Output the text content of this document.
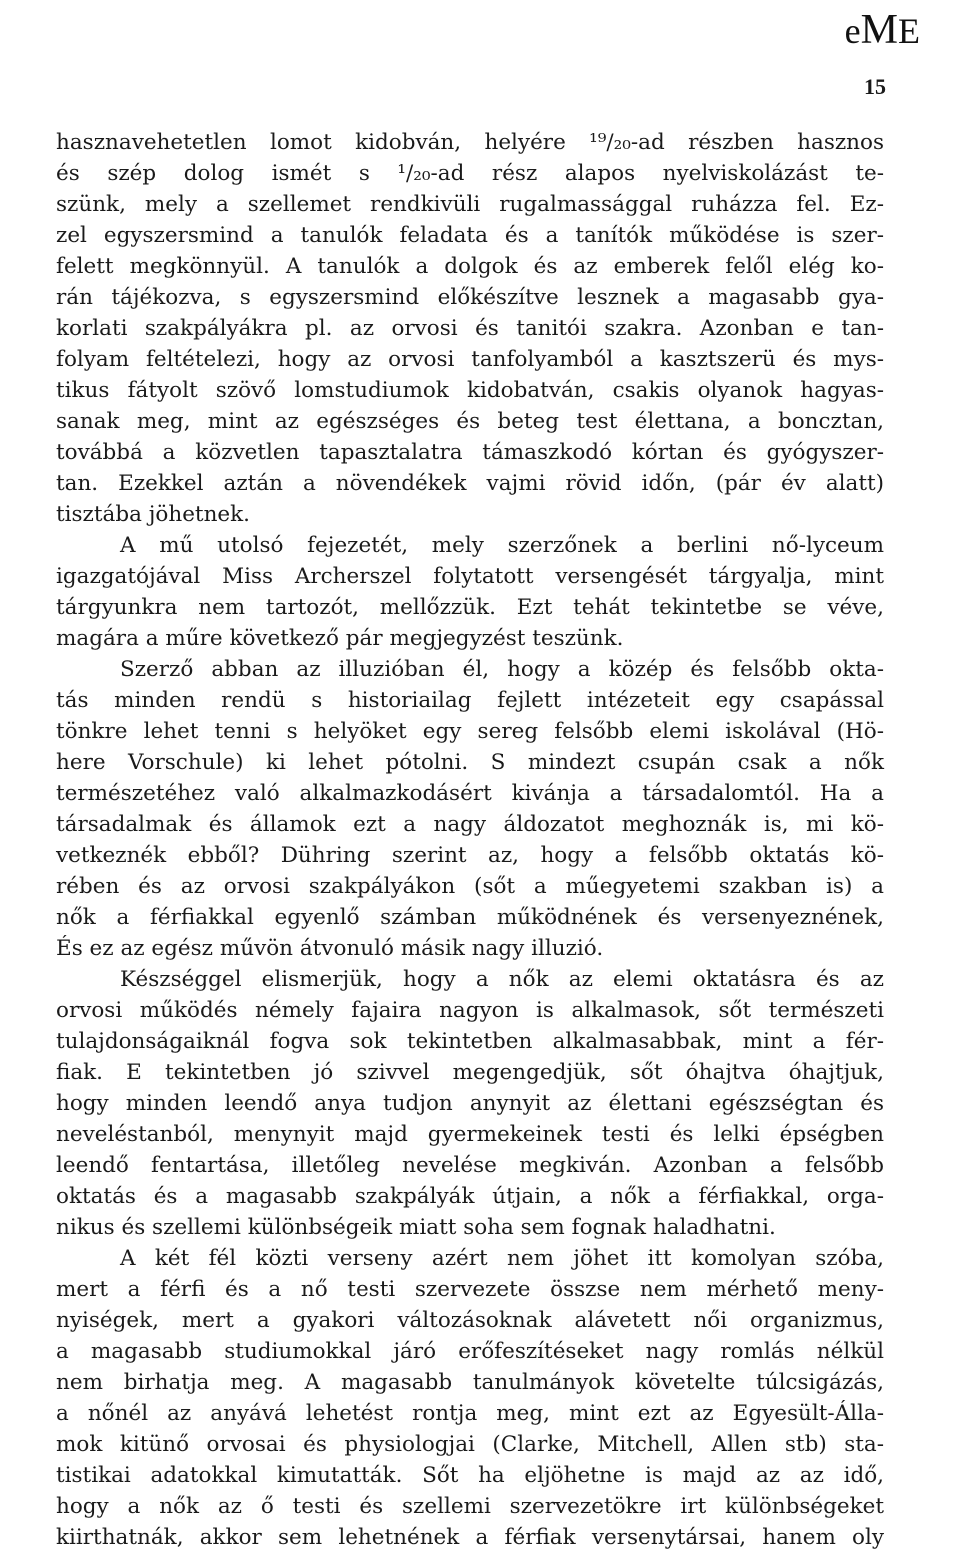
eME
15
hasznavehetetlen lomot kidobván, helyére ¹⁹/₂₀-ad részben hasznos
és szép dolog ismét s ¹/₂₀-ad rész alapos nyelviskolázást te-
szünk, mely a szellemet rendkivüli rugalmassággal ruházza fel. Ez-
zel egyszersmind a tanulók feladata és a tanítók működése is szer-
felett megkönnyül. A tanulók a dolgok és az emberek felől elég ko-
rán tájékozva, s egyszersmind előkészítve lesznek a magasabb gya-
korlati szakpályákra pl. az orvosi és tanitói szakra. Azonban e tan-
folyam feltételezi, hogy az orvosi tanfolyamból a kasztszerü és mys-
tikus fátyolt szövő lomstudiumok kidobatván, csakis olyanok hagyas-
sanak meg, mint az egészséges és beteg test élettana, a boncztan,
továbbá a közvetlen tapasztalatra támaszkodó kórtan és gyógyszer-
tan. Ezekkel aztán a növendékek vajmi rövid időn, (pár év alatt)
tisztába jöhetnek.
A mű utolsó fejezetét, mely szerzőnek a berlini nő-lyceum
igazgatójával Miss Archerszel folytatott versengését tárgyalja, mint
tárgyunkra nem tartozót, mellőzzük. Ezt tehát tekintetbe se véve,
magára a műre következő pár megjegyzést teszünk.
Szerző abban az illuzióban él, hogy a közép és felsőbb okta-
tás minden rendü s historiailag fejlett intézeteit egy csapással
tönkre lehet tenni s helyöket egy sereg felsőbb elemi iskolával (Hö-
here Vorschule) ki lehet pótolni. S mindezt csupán csak a nők
természetéhez való alkalmazkodásért kivánja a társadalomtól. Ha a
társadalmak és államok ezt a nagy áldozatot meghoznák is, mi kö-
vetkeznék ebből? Dühring szerint az, hogy a felsőbb oktatás kö-
rében és az orvosi szakpályákon (sőt a műegyetemi szakban is) a
nők a férfiakkal egyenlő számban működnének és versenyeznének,
És ez az egész művön átvonuló másik nagy illuzió.
Készséggel elismerjük, hogy a nők az elemi oktatásra és az
orvosi működés némely fajaira nagyon is alkalmasok, sőt természeti
tulajdonságaiknál fogva sok tekintetben alkalmasabbak, mint a fér-
fiak. E tekintetben jó szivvel megengedjük, sőt óhajtva óhajtjuk,
hogy minden leendő anya tudjon anynyit az élettani egészségtan és
neveléstanból, menynyit majd gyermekeinek testi és lelki épségben
leendő fentartása, illetőleg nevelése megkiván. Azonban a felsőbb
oktatás és a magasabb szakpályák útjain, a nők a férfiakkal, orga-
nikus és szellemi különbségeik miatt soha sem fognak haladhatni.
A két fél közti verseny azért nem jöhet itt komolyan szóba,
mert a férfi és a nő testi szervezete összse nem mérhető meny-
nyiségek, mert a gyakori változásoknak alávetett női organizmus,
a magasabb studiumokkal járó erőfeszítéseket nagy romlás nélkül
nem birhatja meg. A magasabb tanulmányok követelte túlcsigázás,
a nőnél az anyává lehetést rontja meg, mint ezt az Egyesült-Álla-
mok kitünő orvosai és physiologjai (Clarke, Mitchell, Allen stb) sta-
tistikai adatokkal kimutatták. Sőt ha eljöhetne is majd az az idő,
hogy a nők az ő testi és szellemi szervezetökre irt különbségeket
kiirthatnák, akkor sem lehetnének a férfiak versenytársai, hanem oly
